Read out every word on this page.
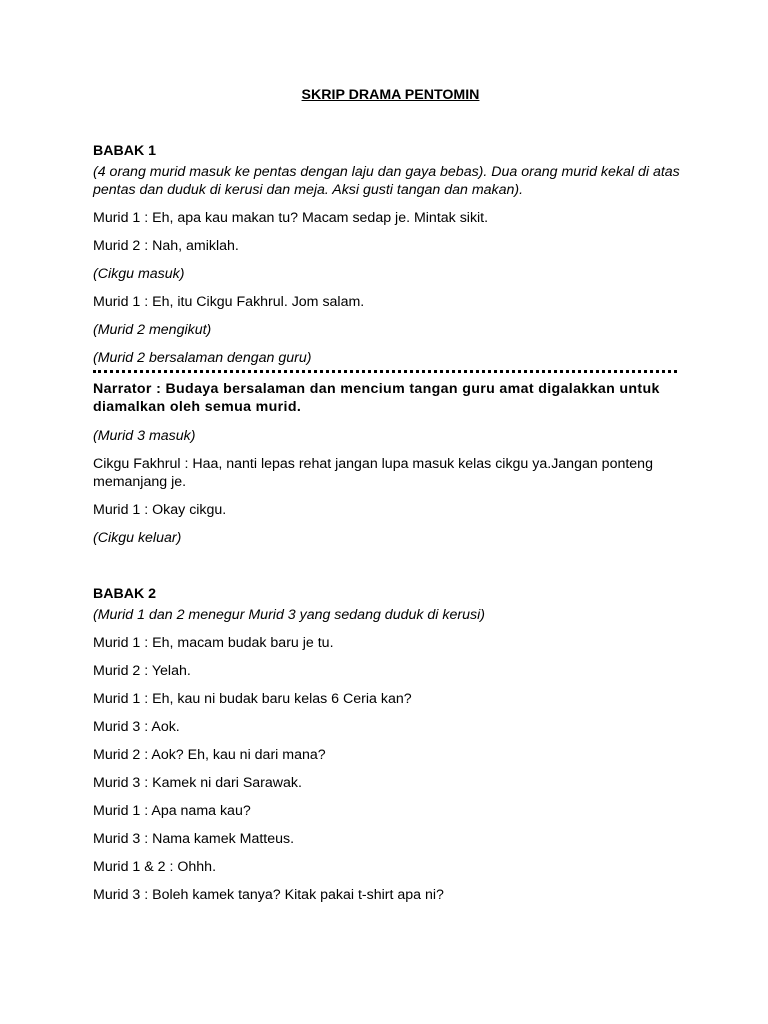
SKRIP DRAMA PENTOMIN

BABAK 1

(4 orang murid masuk ke pentas dengan laju dan gaya bebas). Dua orang murid kekal di atas pentas dan duduk di kerusi dan meja. Aksi gusti tangan dan makan).

Murid 1 : Eh, apa kau makan tu? Macam sedap je. Mintak sikit.

Murid 2 : Nah, amiklah.

(Cikgu masuk)

Murid 1 : Eh, itu Cikgu Fakhrul. Jom salam.

(Murid 2 mengikut)

(Murid 2 bersalaman dengan guru)

Narrator : Budaya bersalaman dan mencium tangan guru amat digalakkan untuk diamalkan oleh semua murid.

(Murid 3 masuk)

Cikgu Fakhrul : Haa, nanti lepas rehat jangan lupa masuk kelas cikgu ya.Jangan ponteng memanjang je.

Murid 1 : Okay cikgu.

(Cikgu keluar)

BABAK 2

(Murid 1 dan 2 menegur Murid 3 yang sedang duduk di kerusi)

Murid 1 : Eh, macam budak baru je tu.

Murid 2 : Yelah.

Murid 1 : Eh, kau ni budak baru kelas 6 Ceria kan?

Murid 3 : Aok.

Murid 2 : Aok? Eh, kau ni dari mana?

Murid 3 : Kamek ni dari Sarawak.

Murid 1 : Apa nama kau?

Murid 3 : Nama kamek Matteus.

Murid 1 & 2 : Ohhh.

Murid 3 : Boleh kamek tanya? Kitak pakai t-shirt apa ni?
